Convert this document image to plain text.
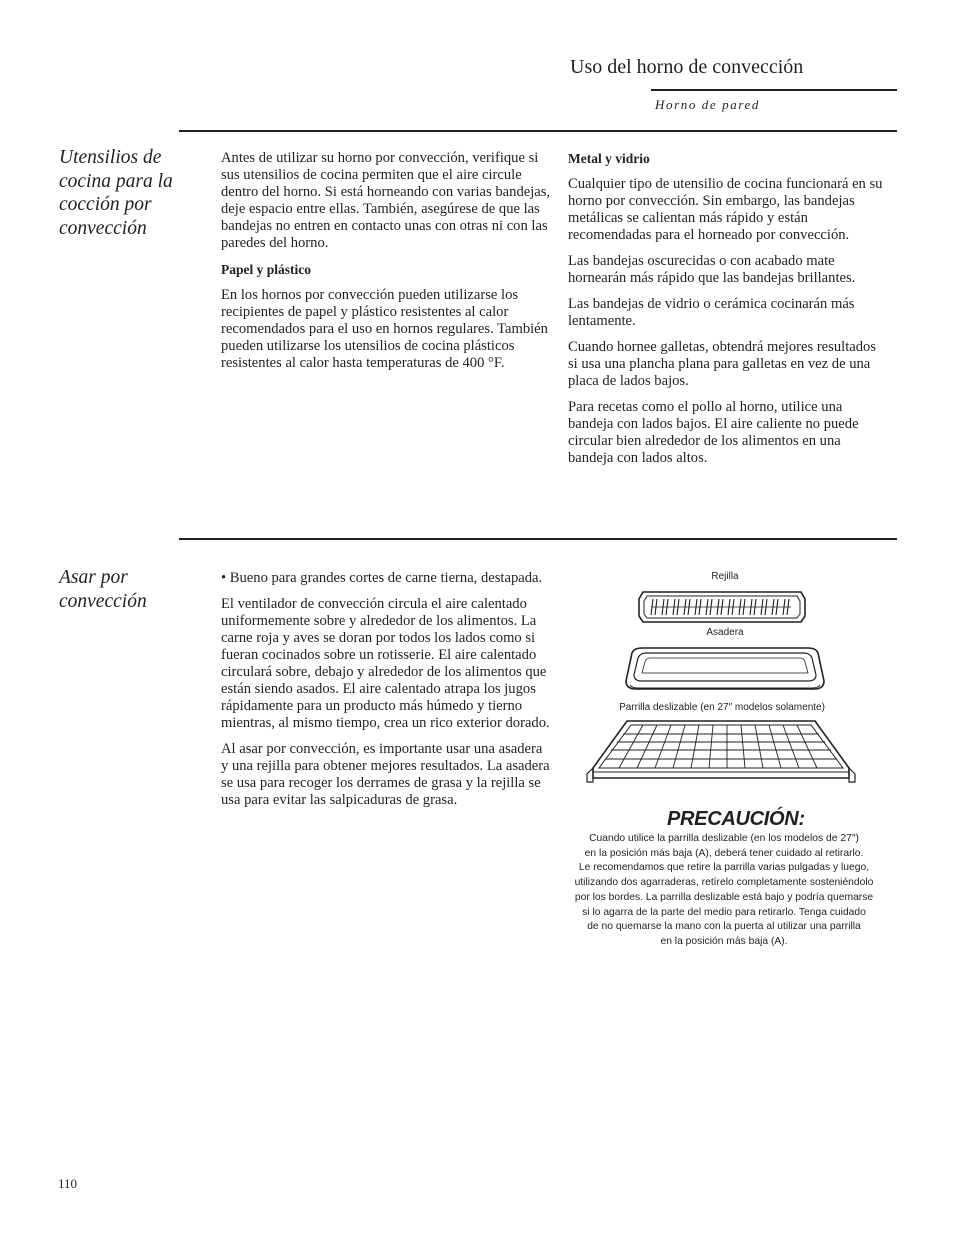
Uso del horno de convección
Horno de pared
Utensilios de cocina para la cocción por convección

Antes de utilizar su horno por convección, verifique si sus utensilios de cocina permiten que el aire circule dentro del horno. Si está horneando con varias bandejas, deje espacio entre ellas. También, asegúrese de que las bandejas no entren en contacto unas con otras ni con las paredes del horno.

Papel y plástico

En los hornos por convección pueden utilizarse los recipientes de papel y plástico resistentes al calor recomendados para el uso en hornos regulares. También pueden utilizarse los utensilios de cocina plásticos resistentes al calor hasta temperaturas de 400 °F.

Metal y vidrio

Cualquier tipo de utensilio de cocina funcionará en su horno por convección. Sin embargo, las bandejas metálicas se calientan más rápido y están recomendadas para el horneado por convección.

Las bandejas oscurecidas o con acabado mate hornearán más rápido que las bandejas brillantes.

Las bandejas de vidrio o cerámica cocinarán más lentamente.

Cuando hornee galletas, obtendrá mejores resultados si usa una plancha plana para galletas en vez de una placa de lados bajos.

Para recetas como el pollo al horno, utilice una bandeja con lados bajos. El aire caliente no puede circular bien alrededor de los alimentos en una bandeja con lados altos.

Asar por convección

• Bueno para grandes cortes de carne tierna, destapada.

El ventilador de convección circula el aire calentado uniformemente sobre y alrededor de los alimentos. La carne roja y aves se doran por todos los lados como si fueran cocinados sobre un rotisserie. El aire calentado circulará sobre, debajo y alrededor de los alimentos que están siendo asados. El aire calentado atrapa los jugos rápidamente para un producto más húmedo y tierno mientras, al mismo tiempo, crea un rico exterior dorado.

Al asar por convección, es importante usar una asadera y una rejilla para obtener mejores resultados. La asadera se usa para recoger los derrames de grasa y la rejilla se usa para evitar las salpicaduras de grasa.

Rejilla
Asadera
Parrilla deslizable (en 27″ modelos solamente)
PRECAUCIÓN:
Cuando utilice la parrilla deslizable (en los modelos de 27″)
en la posición más baja (A), deberá tener cuidado al retirarlo.
Le recomendamos que retire la parrilla varias pulgadas y luego,
utilizando dos agarraderas, retírelo completamente sosteniéndolo
por los bordes. La parrilla deslizable está bajo y podría quemarse
si lo agarra de la parte del medio para retirarlo. Tenga cuidado
de no quemarse la mano con la puerta al utilizar una parrilla
en la posición más baja (A).
110
